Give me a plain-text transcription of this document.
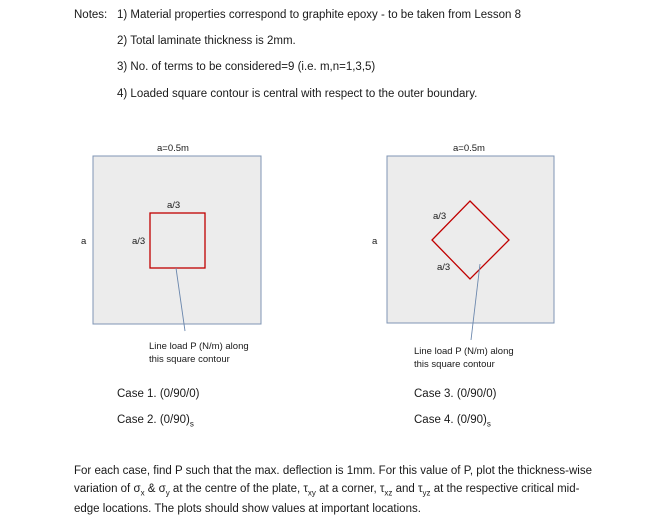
Notes: 1) Material properties correspond to graphite epoxy - to be taken from Lesson 8
2) Total laminate thickness is 2mm.
3) No. of terms to be considered=9 (i.e. m,n=1,3,5)
4) Loaded square contour is central with respect to the outer boundary.
a=0.5m
a
a/3
a/3
Line load P (N/m) along
this square contour
Case 1. (0/90/0)
Case 2. $(0/90)_s$
a=0.5m
a
a/3
a/3
Line load P (N/m) along
this square contour
Case 3. (0/90/0)
Case 4. $(0/90)_s$
For each case, find P such that the max. deflection is 1mm. For this value of P, plot the thickness-wise
variation of $\sigma_x$ & $\sigma_y$ at the centre of the plate, $\tau_{xy}$ at a corner, $\tau_{xz}$ and $\tau_{yz}$ at the respective critical mid-
edge locations. The plots should show values at important locations.
